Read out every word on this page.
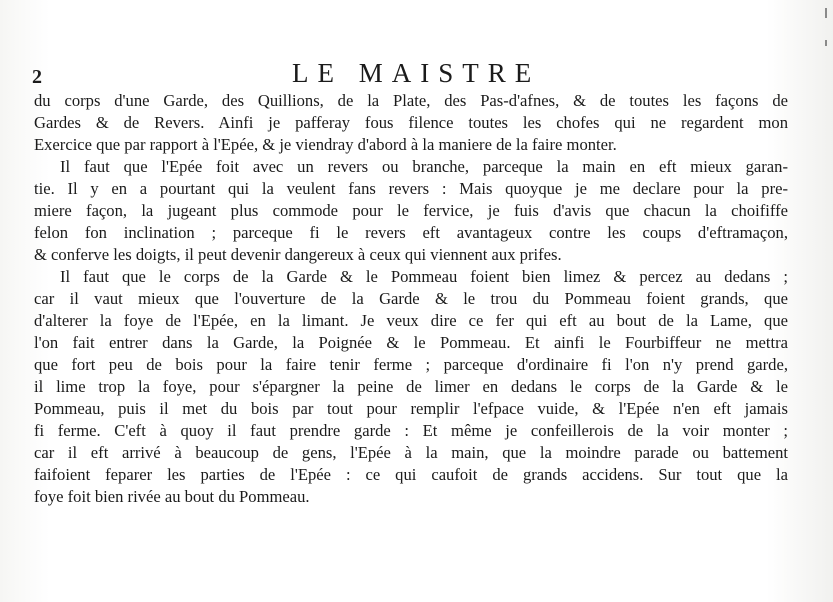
2	LE MAISTRE
du corps d'une Garde, des Quillions, de la Plate, des Pas-d'afnes, & de toutes les façons de
Gardes & de Revers. Ainfi je pafferay fous filence toutes les chofes qui ne regardent mon
Exercice que par rapport à l'Epée, & je viendray d'abord à la maniere de la faire monter.
Il faut que l'Epée foit avec un revers ou branche, parceque la main en eft mieux garan-
tie. Il y en a pourtant qui la veulent fans revers : Mais quoyque je me declare pour la pre-
miere façon, la jugeant plus commode pour le fervice, je fuis d'avis que chacun la choififfe
felon fon inclination ; parceque fi le revers eft avantageux contre les coups d'eftramaçon,
& conferve les doigts, il peut devenir dangereux à ceux qui viennent aux prifes.
Il faut que le corps de la Garde & le Pommeau foient bien limez & percez au dedans ;
car il vaut mieux que l'ouverture de la Garde & le trou du Pommeau foient grands, que
d'alterer la foye de l'Epée, en la limant. Je veux dire ce fer qui eft au bout de la Lame, que
l'on fait entrer dans la Garde, la Poignée & le Pommeau. Et ainfi le Fourbiffeur ne mettra
que fort peu de bois pour la faire tenir ferme ; parceque d'ordinaire fi l'on n'y prend garde,
il lime trop la foye, pour s'épargner la peine de limer en dedans le corps de la Garde & le
Pommeau, puis il met du bois par tout pour remplir l'efpace vuide, & l'Epée n'en eft jamais
fi ferme. C'eft à quoy il faut prendre garde : Et même je confeillerois de la voir monter ;
car il eft arrivé à beaucoup de gens, l'Epée à la main, que la moindre parade ou battement
faifoient feparer les parties de l'Epée : ce qui caufoit de grands accidens. Sur tout que la
foye foit bien rivée au bout du Pommeau.
